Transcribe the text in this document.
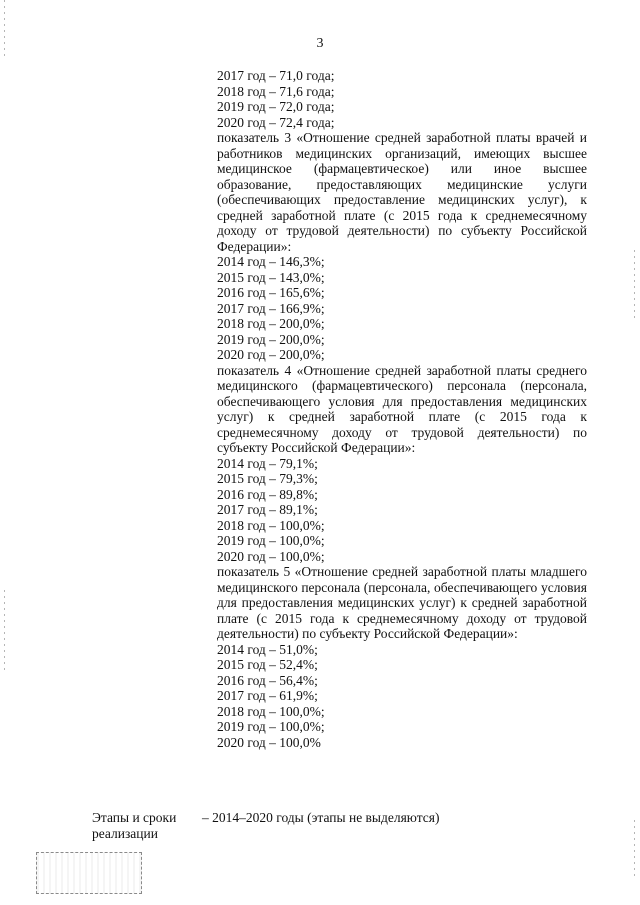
3

2017 год – 71,0 года;

2018 год – 71,6 года;

2019 год – 72,0 года;

2020 год – 72,4 года;

показатель 3 «Отношение средней заработной платы врачей и работников медицинских организаций, имеющих высшее медицинское (фармацевтическое) или иное высшее образование, предоставляющих медицинские услуги (обеспечивающих предоставление медицинских услуг), к средней заработной плате (с 2015 года к среднемесячному доходу от трудовой деятельности) по субъекту Российской Федерации»:

2014 год – 146,3%;

2015 год – 143,0%;

2016 год – 165,6%;

2017 год – 166,9%;

2018 год – 200,0%;

2019 год – 200,0%;

2020 год – 200,0%;

показатель 4 «Отношение средней заработной платы среднего медицинского (фармацевтического) персонала (персонала, обеспечивающего условия для предоставления медицинских услуг) к средней заработной плате (с 2015 года к среднемесячному доходу от трудовой деятельности) по субъекту Российской Федерации»:

2014 год – 79,1%;

2015 год – 79,3%;

2016 год – 89,8%;

2017 год – 89,1%;

2018 год – 100,0%;

2019 год – 100,0%;

2020 год – 100,0%;

показатель 5 «Отношение средней заработной платы младшего медицинского персонала (персонала, обеспечивающего условия для предоставления медицинских услуг) к средней заработной плате (с 2015 года к среднемесячному доходу от трудовой деятельности) по субъекту Российской Федерации»:

2014 год – 51,0%;

2015 год – 52,4%;

2016 год – 56,4%;

2017 год – 61,9%;

2018 год – 100,0%;

2019 год – 100,0%;

2020 год – 100,0%

Этапы и сроки
реализации
– 2014–2020 годы (этапы не выделяются)
